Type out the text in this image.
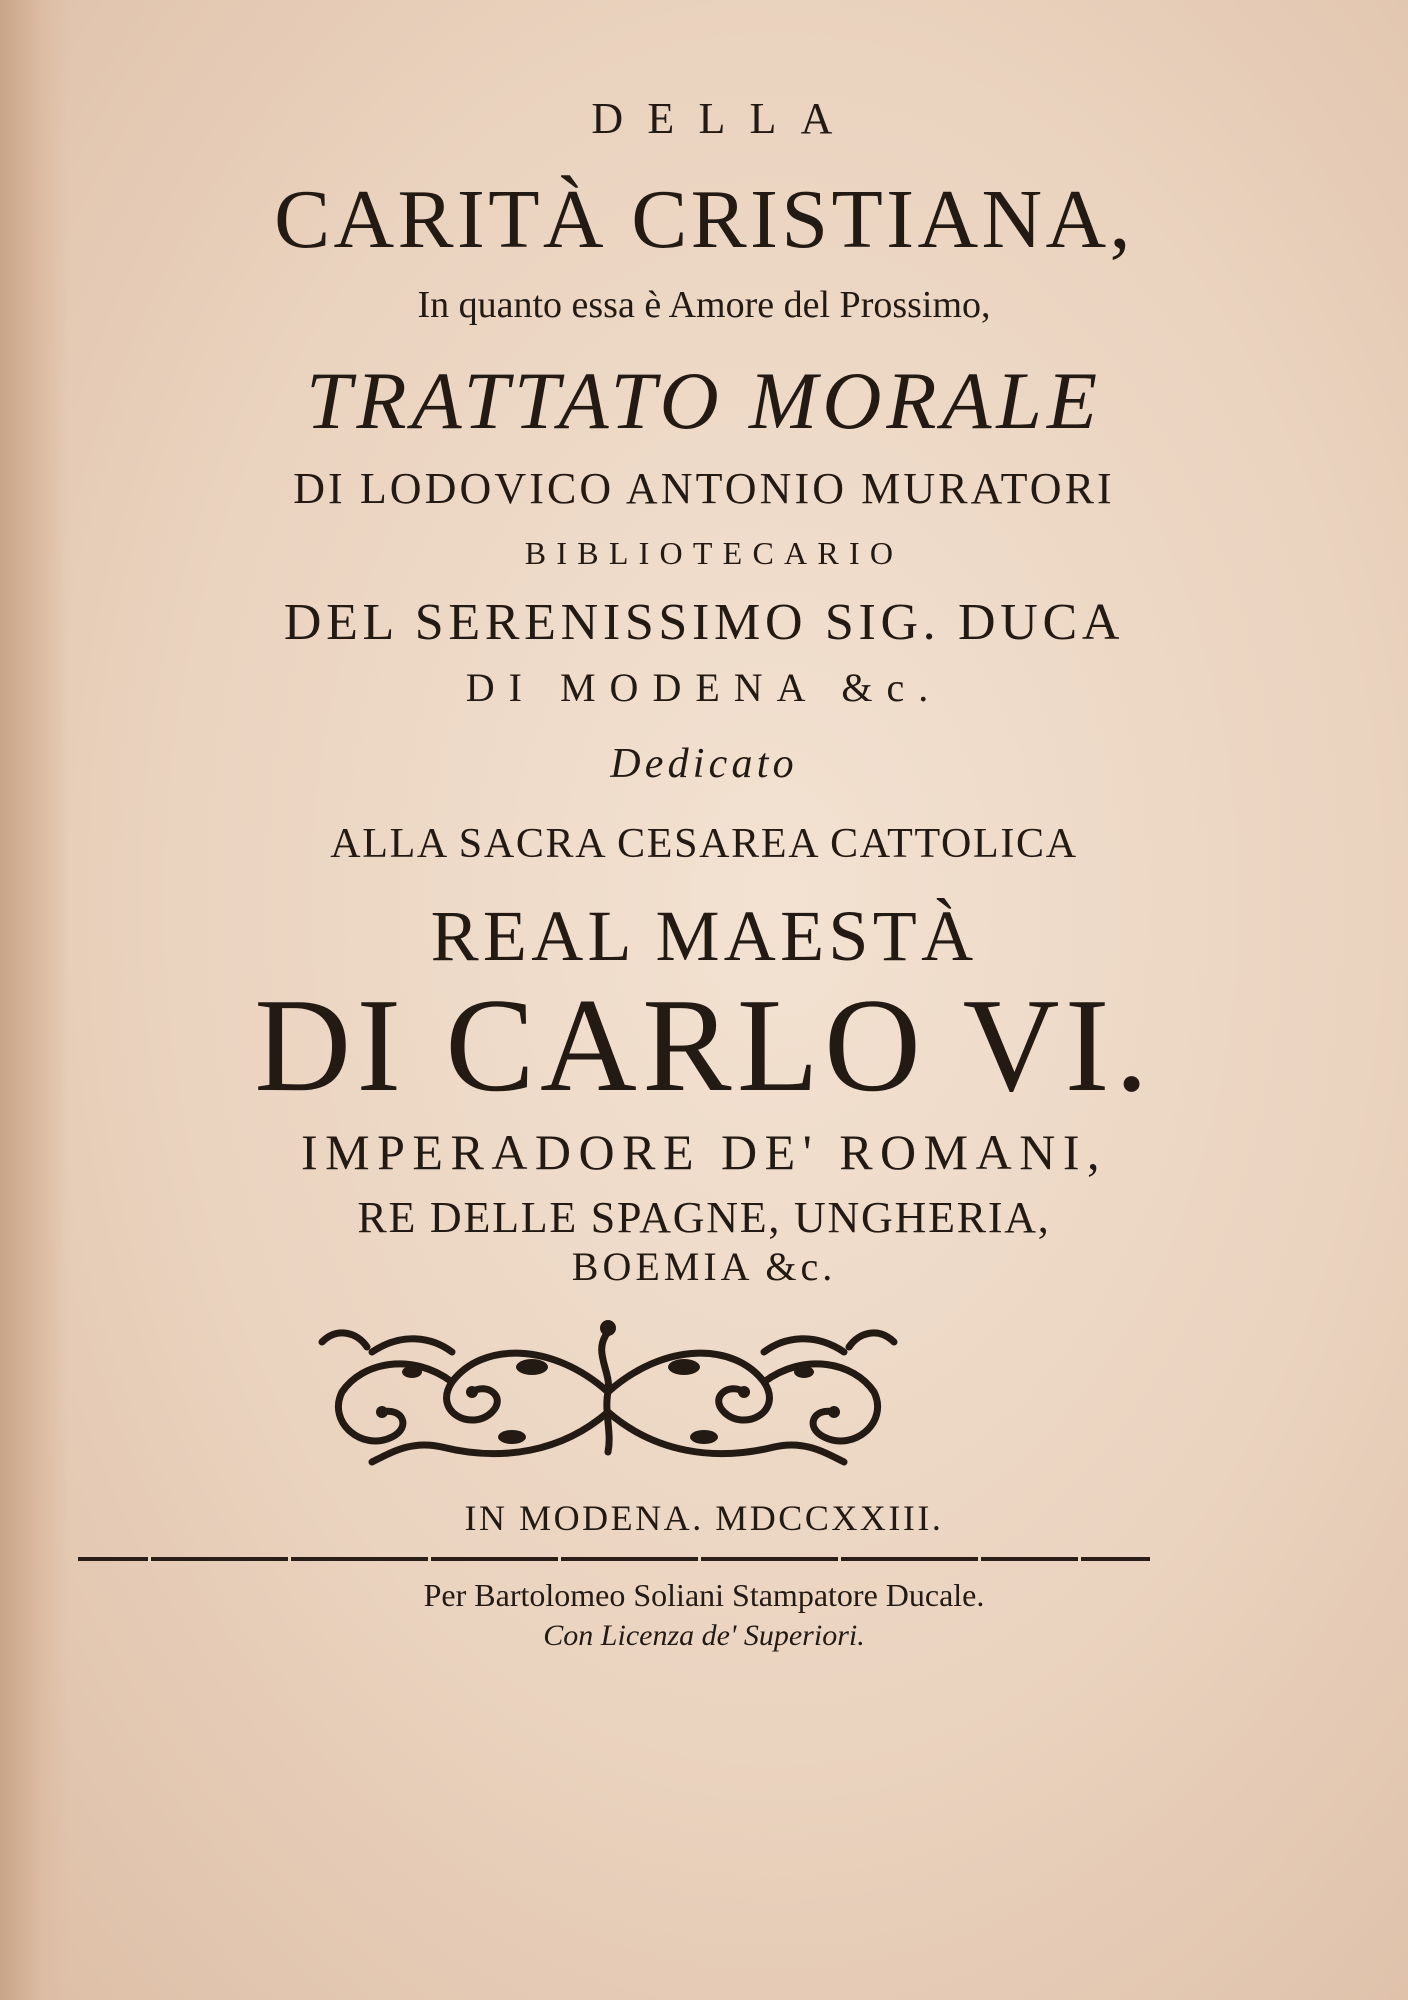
DELLA
CARITÀ CRISTIANA,
In quanto essa è Amore del Prossimo,
TRATTATO MORALE
DI LODOVICO ANTONIO MURATORI
BIBLIOTECARIO
DEL SERENISSIMO SIG. DUCA
DI MODENA &c.
Dedicato
ALLA SACRA CESAREA CATTOLICA
REAL MAESTÀ
DI CARLO VI.
IMPERADORE DE' ROMANI,
RE DELLE SPAGNE, UNGHERIA,
BOEMIA &c.
IN MODENA. MDCCXXIII.
Per Bartolomeo Soliani Stampatore Ducale.
Con Licenza de' Superiori.
